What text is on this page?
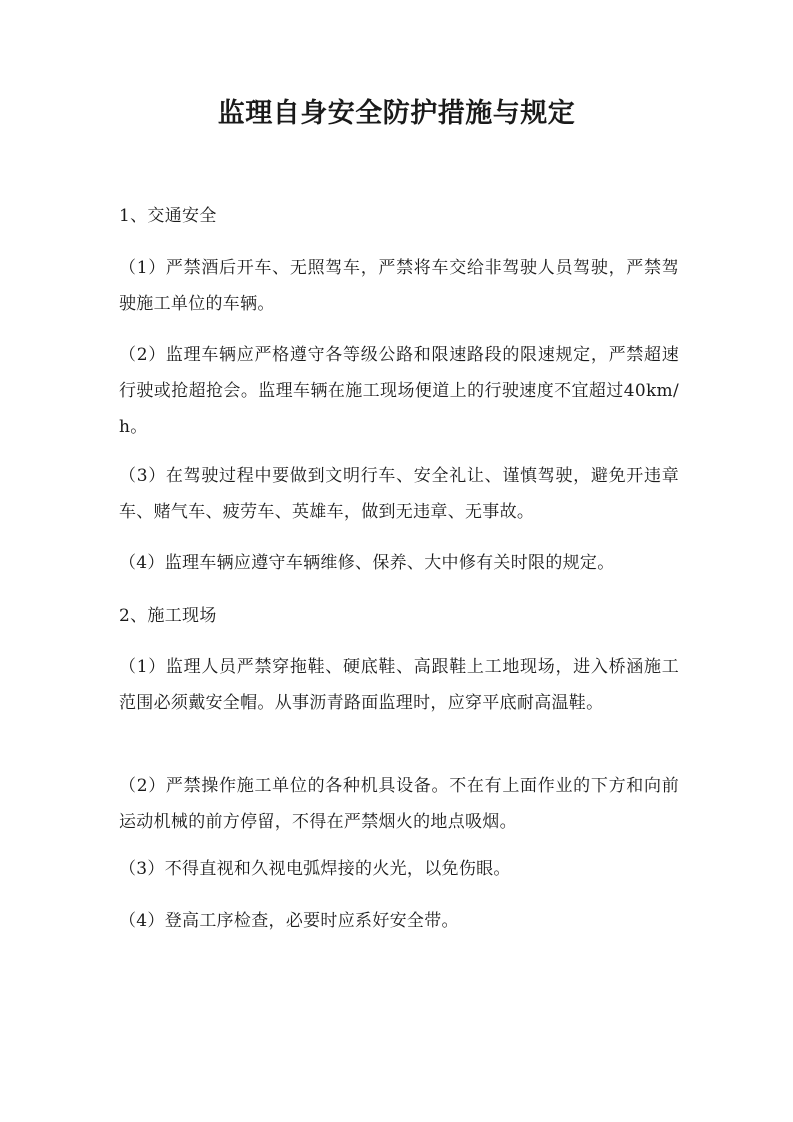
监理自身安全防护措施与规定

1、交通安全

（1）严禁酒后开车、无照驾车，严禁将车交给非驾驶人员驾驶，严禁驾驶施工单位的车辆。

（2）监理车辆应严格遵守各等级公路和限速路段的限速规定，严禁超速行驶或抢超抢会。监理车辆在施工现场便道上的行驶速度不宜超过40km/h。

（3）在驾驶过程中要做到文明行车、安全礼让、谨慎驾驶，避免开违章车、赌气车、疲劳车、英雄车，做到无违章、无事故。

（4）监理车辆应遵守车辆维修、保养、大中修有关时限的规定。

2、施工现场

（1）监理人员严禁穿拖鞋、硬底鞋、高跟鞋上工地现场，进入桥涵施工范围必须戴安全帽。从事沥青路面监理时，应穿平底耐高温鞋。

（2）严禁操作施工单位的各种机具设备。不在有上面作业的下方和向前运动机械的前方停留，不得在严禁烟火的地点吸烟。

（3）不得直视和久视电弧焊接的火光，以免伤眼。

（4）登高工序检查，必要时应系好安全带。
